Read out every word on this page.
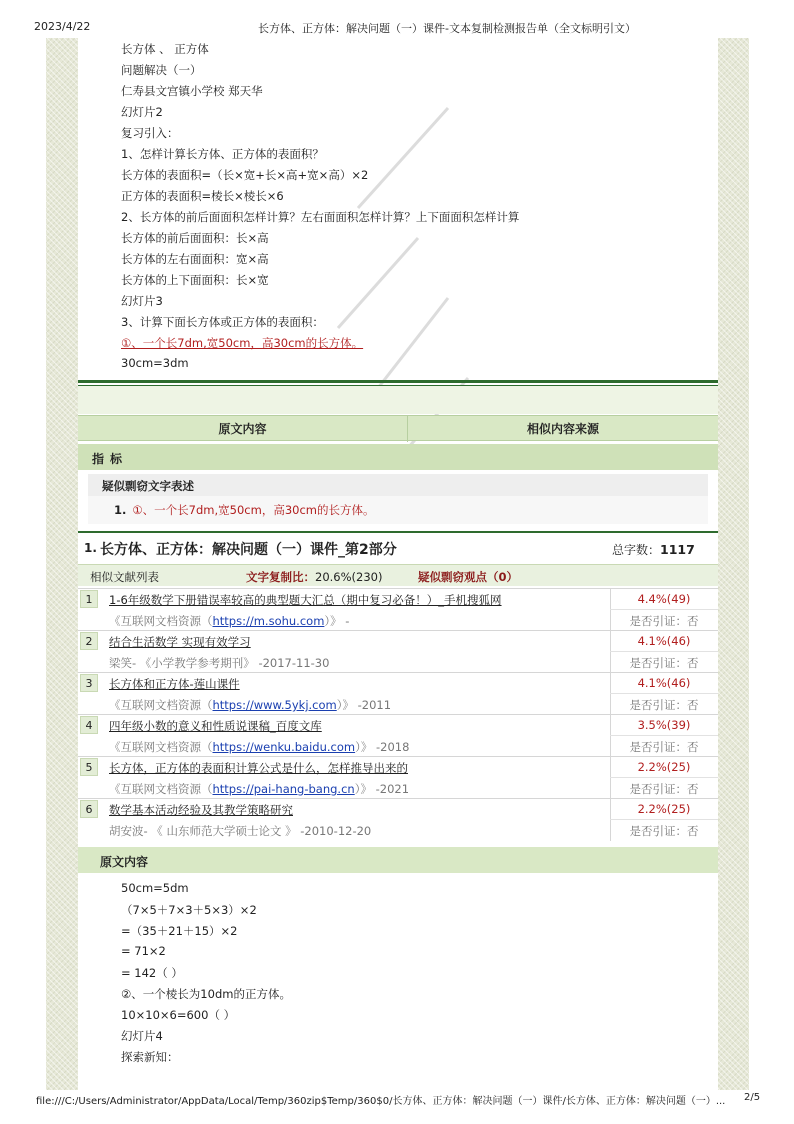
2023/4/22	长方体、正方体：解决问题（一）课件-文本复制检测报告单（全文标明引文）
长方体 、 正方体
问题解决（一）
仁寿县文宫镇小学校 郑天华
幻灯片2
复习引入：
1、怎样计算长方体、正方体的表面积？
长方体的表面积=（长×宽+长×高+宽×高）×2
正方体的表面积=棱长×棱长×6
2、长方体的前后面面积怎样计算？左右面面积怎样计算？上下面面积怎样计算
长方体的前后面面积：长×高
长方体的左右面面积：宽×高
长方体的上下面面积：长×宽
幻灯片3
3、计算下面长方体或正方体的表面积：
①、一个长7dm,宽50cm，高30cm的长方体。
30cm=3dm
原文内容	相似内容来源
指标
疑似剽窃文字表述
1. ①、一个长7dm,宽50cm，高30cm的长方体。
1. 长方体、正方体：解决问题（一）课件_第2部分	总字数：1117
相似文献列表	文字复制比：20.6%(230)	疑似剽窃观点（0）
1	1-6年级数学下册错误率较高的典型题大汇总（期中复习必备！）_手机搜狐网
《互联网文档资源（https://m.sohu.com）》 -
4.4%(49)
是否引证：否
2	结合生活数学 实现有效学习
梁笑- 《小学教学参考期刊》 -2017-11-30
4.1%(46)
是否引证：否
3	长方体和正方体-莲山课件
《互联网文档资源（https://www.5ykj.com）》 -2011
4.1%(46)
是否引证：否
4	四年级小数的意义和性质说课稿_百度文库
《互联网文档资源（https://wenku.baidu.com）》 -2018
3.5%(39)
是否引证：否
5	长方体，正方体的表面积计算公式是什么，怎样推导出来的
《互联网文档资源（https://pai-hang-bang.cn）》 -2021
2.2%(25)
是否引证：否
6	数学基本活动经验及其教学策略研究
胡安波- 《 山东师范大学硕士论文 》 -2010-12-20
2.2%(25)
是否引证：否
原文内容
50cm=5dm
（7×5＋7×3＋5×3）×2
=（35＋21＋15）×2
= 71×2
= 142（ ）
②、一个棱长为10dm的正方体。
10×10×6=600（ ）
幻灯片4
探索新知：
file:///C:/Users/Administrator/AppData/Local/Temp/360zip$Temp/360$0/长方体、正方体：解决问题（一）课件/长方体、正方体：解决问题（一）... 2/5
